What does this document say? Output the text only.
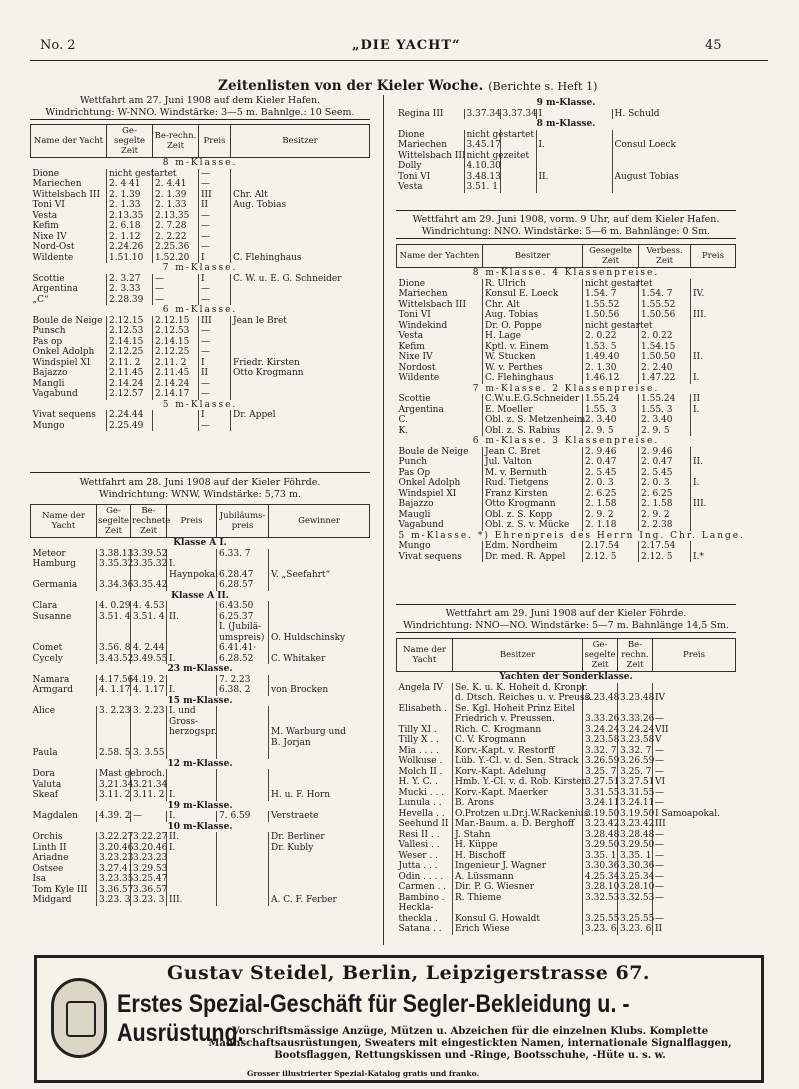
No. 2	„DIE YACHT“	45
Zeitenlisten von der Kieler Woche. (Berichte s. Heft 1)
Wettfahrt am 27. Juni 1908 auf dem Kieler Hafen.
Windrichtung: W-NNO. Windstärke: 3—5 m. Bahnlge.: 10 Seem.
Name der Yacht	Ge-segelte Zeit	Be-rechn. Zeit	Preis	Besitzer
8 m-Klasse.				
Dione	nicht gestartet		—	
Mariechen	2. 4 41	2. 4.41	—	
Wittelsbach III	2. 1.39	2. 1.39	III	Chr. Alt
Toni VI	2. 1.33	2. 1.33	II	Aug. Tobias
Vesta	2.13.35	2.13.35	—	
Kefim	2. 6.18	2. 7.28	—	
Nixe IV	2. 1.12	2. 2.22	—	
Nord-Ost	2.24.26	2.25.36	—	
Wildente	1.51.10	1.52.20	I	C. Flehinghaus
7 m-Klasse.				
Scottie	2. 3.27	—	I	C. W. u. E. G. Schneider
Argentina	2. 3.33	—	—	
„C“	2.28.39	—	—	
6 m-Klasse.				
Boule de Neige	2.12.15	2.12.15	III	Jean le Bret
Punsch	2.12.53	2.12.53	—	
Pas op	2.14.15	2.14.15	—	
Onkel Adolph	2.12.25	2.12.25	—	
Windspiel XI	2.11. 2	2.11. 2	I	Friedr. Kirsten
Bajazzo	2.11.45	2.11.45	II	Otto Krogmann
Mangli	2.14.24	2.14.24	—	
Vagabund	2.12.57	2.14.17	—	
5 m-Klasse.				
Vivat sequens	2.24.44		I	Dr. Appel
Mungo	2.25.49		—	
Wettfahrt am 28. Juni 1908 auf der Kieler Föhrde.
Windrichtung: WNW. Windstärke: 5,73 m.
Name der Yacht	Ge-segelte Zeit	Be-rechnete Zeit	Preis	Jubiläums-preis	Gewinner
Klasse A I.					
Meteor	3.38.13	3.39.52		6.33. 7	
Hamburg	3.35.32	3.35.32	I.		
			Haynpokal	6.28.47	V. „Seefahrt“
Germania	3.34.36	3.35.42		6.28.57	
Klasse A II.					
Clara	4. 0.29	4. 4.53		6.43.50	
Susanne	3.51. 4	3.51. 4	II.	6.25.37	
				I. (Jubilä-	
				umspreis)	O. Huldschinsky
Comet	3.56. 8	4. 2.44		6.41.41·	
Cycely	3.43.52	3.49.55	I.	6.28.52	C. Whitaker
23 m-Klasse.					
Namara	4.17.56	4.19. 2		7. 2.23	
Armgard	4. 1.17	4. 1.17	I.	6.38. 2	von Brocken
15 m-Klasse.					
Alice	3. 2.23	3. 2.23	I. und		
			Gross-		
			herzogspr.		M. Warburg und
					B. Jorjan
Paula	2.58. 5	3. 3.55			
12 m-Klasse.					
Dora	Mast gebroch.				
Valuta	3.21.34	3.21.34			
Skeaf	3.11. 2	3.11. 2	I.		H. u. F. Horn
19 m-Klasse.					
Magdalen	4.39. 2	—	I.	7. 6.59	Verstraete
10 m-Klasse.					
Orchis	3.22.27	3.22.27	II.		Dr. Berliner
Linth II	3.20.46	3.20.46	I.		Dr. Kubly
Ariadne	3.23.23	3.23.23			
Ostsee	3.27.41	3.29.53			
Isa	3.23.35	3.25.47			
Tom Kyle III	3.36.57	3.36.57			
Midgard	3.23. 3	3.23. 3	III.		A. C. F. Ferber
9 m-Klasse.				
Regina III	3.37.34	3.37.34	I	H. Schuld
8 m-Klasse.				
Dione	nicht gestartet			
Mariechen	3.45.17		I.	Consul Loeck
Wittelsbach III	nicht gezeitet			
Dolly	4.10.30			
Toni VI	3.48.13		II.	August Tobias
Vesta	3.51. 1			
Wettfahrt am 29. Juni 1908, vorm. 9 Uhr, auf dem Kieler Hafen.
Windrichtung: NNO. Windstärke: 5—6 m. Bahnlänge: 0 Sm.
Name der Yachten	Besitzer	Gesegelte Zeit	Verbess. Zeit	Preis
8 m-Klasse. 4 Klassenpreise.				
Dione	R. Ulrich	nicht gestartet		
Mariechen	Konsul E. Loeck	1.54. 7	1.54. 7	IV.
Wittelsbach III	Chr. Alt	1.55.52	1.55.52	
Toni VI	Aug. Tobias	1.50.56	1.50.56	III.
Windekind	Dr. O. Poppe	nicht gestartet		
Vesta	H. Lage	2. 0.22	2. 0.22	
Kefim	Kptl. v. Einem	1.53. 5	1.54.15	
Nixe IV	W. Stucken	1.49.40	1.50.50	II.
Nordost	W. v. Perthes	2. 1.30	2. 2.40	
Wildente	C. Flehinghaus	1.46.12	1.47.22	I.
7 m-Klasse. 2 Klassenpreise.				
Scottie	C.W.u.E.G.Schneider	1.55.24	1.55.24	II
Argentina	E. Moeller	1.55. 3	1.55. 3	I.
C.	Obl. z. S. Metzenheim	2. 3.40	2. 3.40	
K.	Obl. z. S. Rabius	2. 9. 5	2. 9. 5	
6 m-Klasse. 3 Klassenpreise.				
Boule de Neige	Jean C. Bret	2. 9.46	2. 9.46	
Punch	Jul. Valton	2. 0.47	2. 0.47	II.
Pas Op	M. v. Bernuth	2. 5.45	2. 5.45	
Onkel Adolph	Rud. Tietgens	2. 0. 3	2. 0. 3	I.
Windspiel XI	Franz Kirsten	2. 6.25	2. 6.25	
Bajazzo	Otto Krogmann	2. 1.58	2. 1.58	III.
Maugli	Obl. z. S. Kopp	2. 9. 2	2. 9. 2	
Vagabund	Obl. z. S. v. Mücke	2. 1.18	2. 2.38	
5 m-Klasse. *) Ehrenpreis des Herrn Ing. Chr. Lange.				
Mungo	Edm. Nordheim	2.17.54	2.17.54	
Vivat sequens	Dr. med. R. Appel	2.12. 5	2.12. 5	I.*
Wettfahrt am 29. Juni 1908 auf der Kieler Föhrde.
Windrichtung: NNO—NO. Windstärke: 5—7 m. Bahnlänge 14,5 Sm.
Name der Yacht	Besitzer	Ge-segelte Zeit	Be-rechn. Zeit	Preis
Yachten der Sonderklasse.				
Angela IV	Se. K. u. K. Hoheit d. Kronpr.			
	d. Dtsch. Reiches u. v. Preuss.	3.23.48	3.23.48	IV
Elisabeth .	Se. Kgl. Hoheit Prinz Eitel			
	Friedrich v. Preussen.	3.33.26	3.33.26	—
Tilly XI .	Rich. C. Krogmann	3.24.24	3.24.24	VII
Tilly X . .	C. V. Krogmann	3.23.58	3.23.58	V
Mia . . . .	Korv.-Kapt. v. Restorff	3.32. 7	3.32. 7	—
Wolkuse .	Lüb. Y.-Cl. v. d. Sen. Strack	3.26.59	3.26.59	—
Molch II .	Korv.-Kapt. Adelung	3.25. 7	3.25. 7	—
H. Y. C. .	Hmb. Y.-Cl. v. d. Rob. Kirsten	3.27.51	3.27.51	VI
Mucki . . .	Korv.-Kapt. Maerker	3.31.55	3.31.55	—
Lunula . .	B. Arons	3.24.11	3.24.11	—
Hevella . .	O.Protzen u.Dr.j.W.Rackenius	3.19.50	3.19.50	I Samoapokal.
Seehund II	Mar.-Baum. a. D. Berghoff	3.23.42	3.23.42	III
Resi II . .	J. Stahn	3.28.48	3.28.48	—
Vallesi . .	H. Küppe	3.29.50	3.29.50	—
Weser . .	H. Bischoff	3.35. 1	3.35. 1	—
Jutta . . .	Ingenieur J. Wagner	3.30.36	3.30.36	—
Odin . . . .	A. Lüssmann	4.25.34	3.25.34	—
Carmen . .	Dir. P. G. Wiesner	3.28.10	3.28.10	—
Bambino .	R. Thieme	3.32.53	3.32.53	—
Heckla-				
theckla .	Konsul G. Howaldt	3.25.55	3.25.55	—
Satana . .	Erich Wiese	3.23. 6	3.23. 6	II
Gustav Steidel, Berlin, Leipzigerstrasse 67.
Erstes Spezial-Geschäft für Segler-Bekleidung u. -Ausrüstung.
Vorschriftsmässige Anzüge, Mützen u. Abzeichen für die einzelnen Klubs. Komplette Mannschaftsausrüstungen, Sweaters mit eingestickten Namen, internationale Signalflaggen, Bootsflaggen, Rettungskissen und -Ringe, Bootsschuhe, -Hüte u. s. w.
Grosser illustrierter Spezial-Katalog gratis und franko.
